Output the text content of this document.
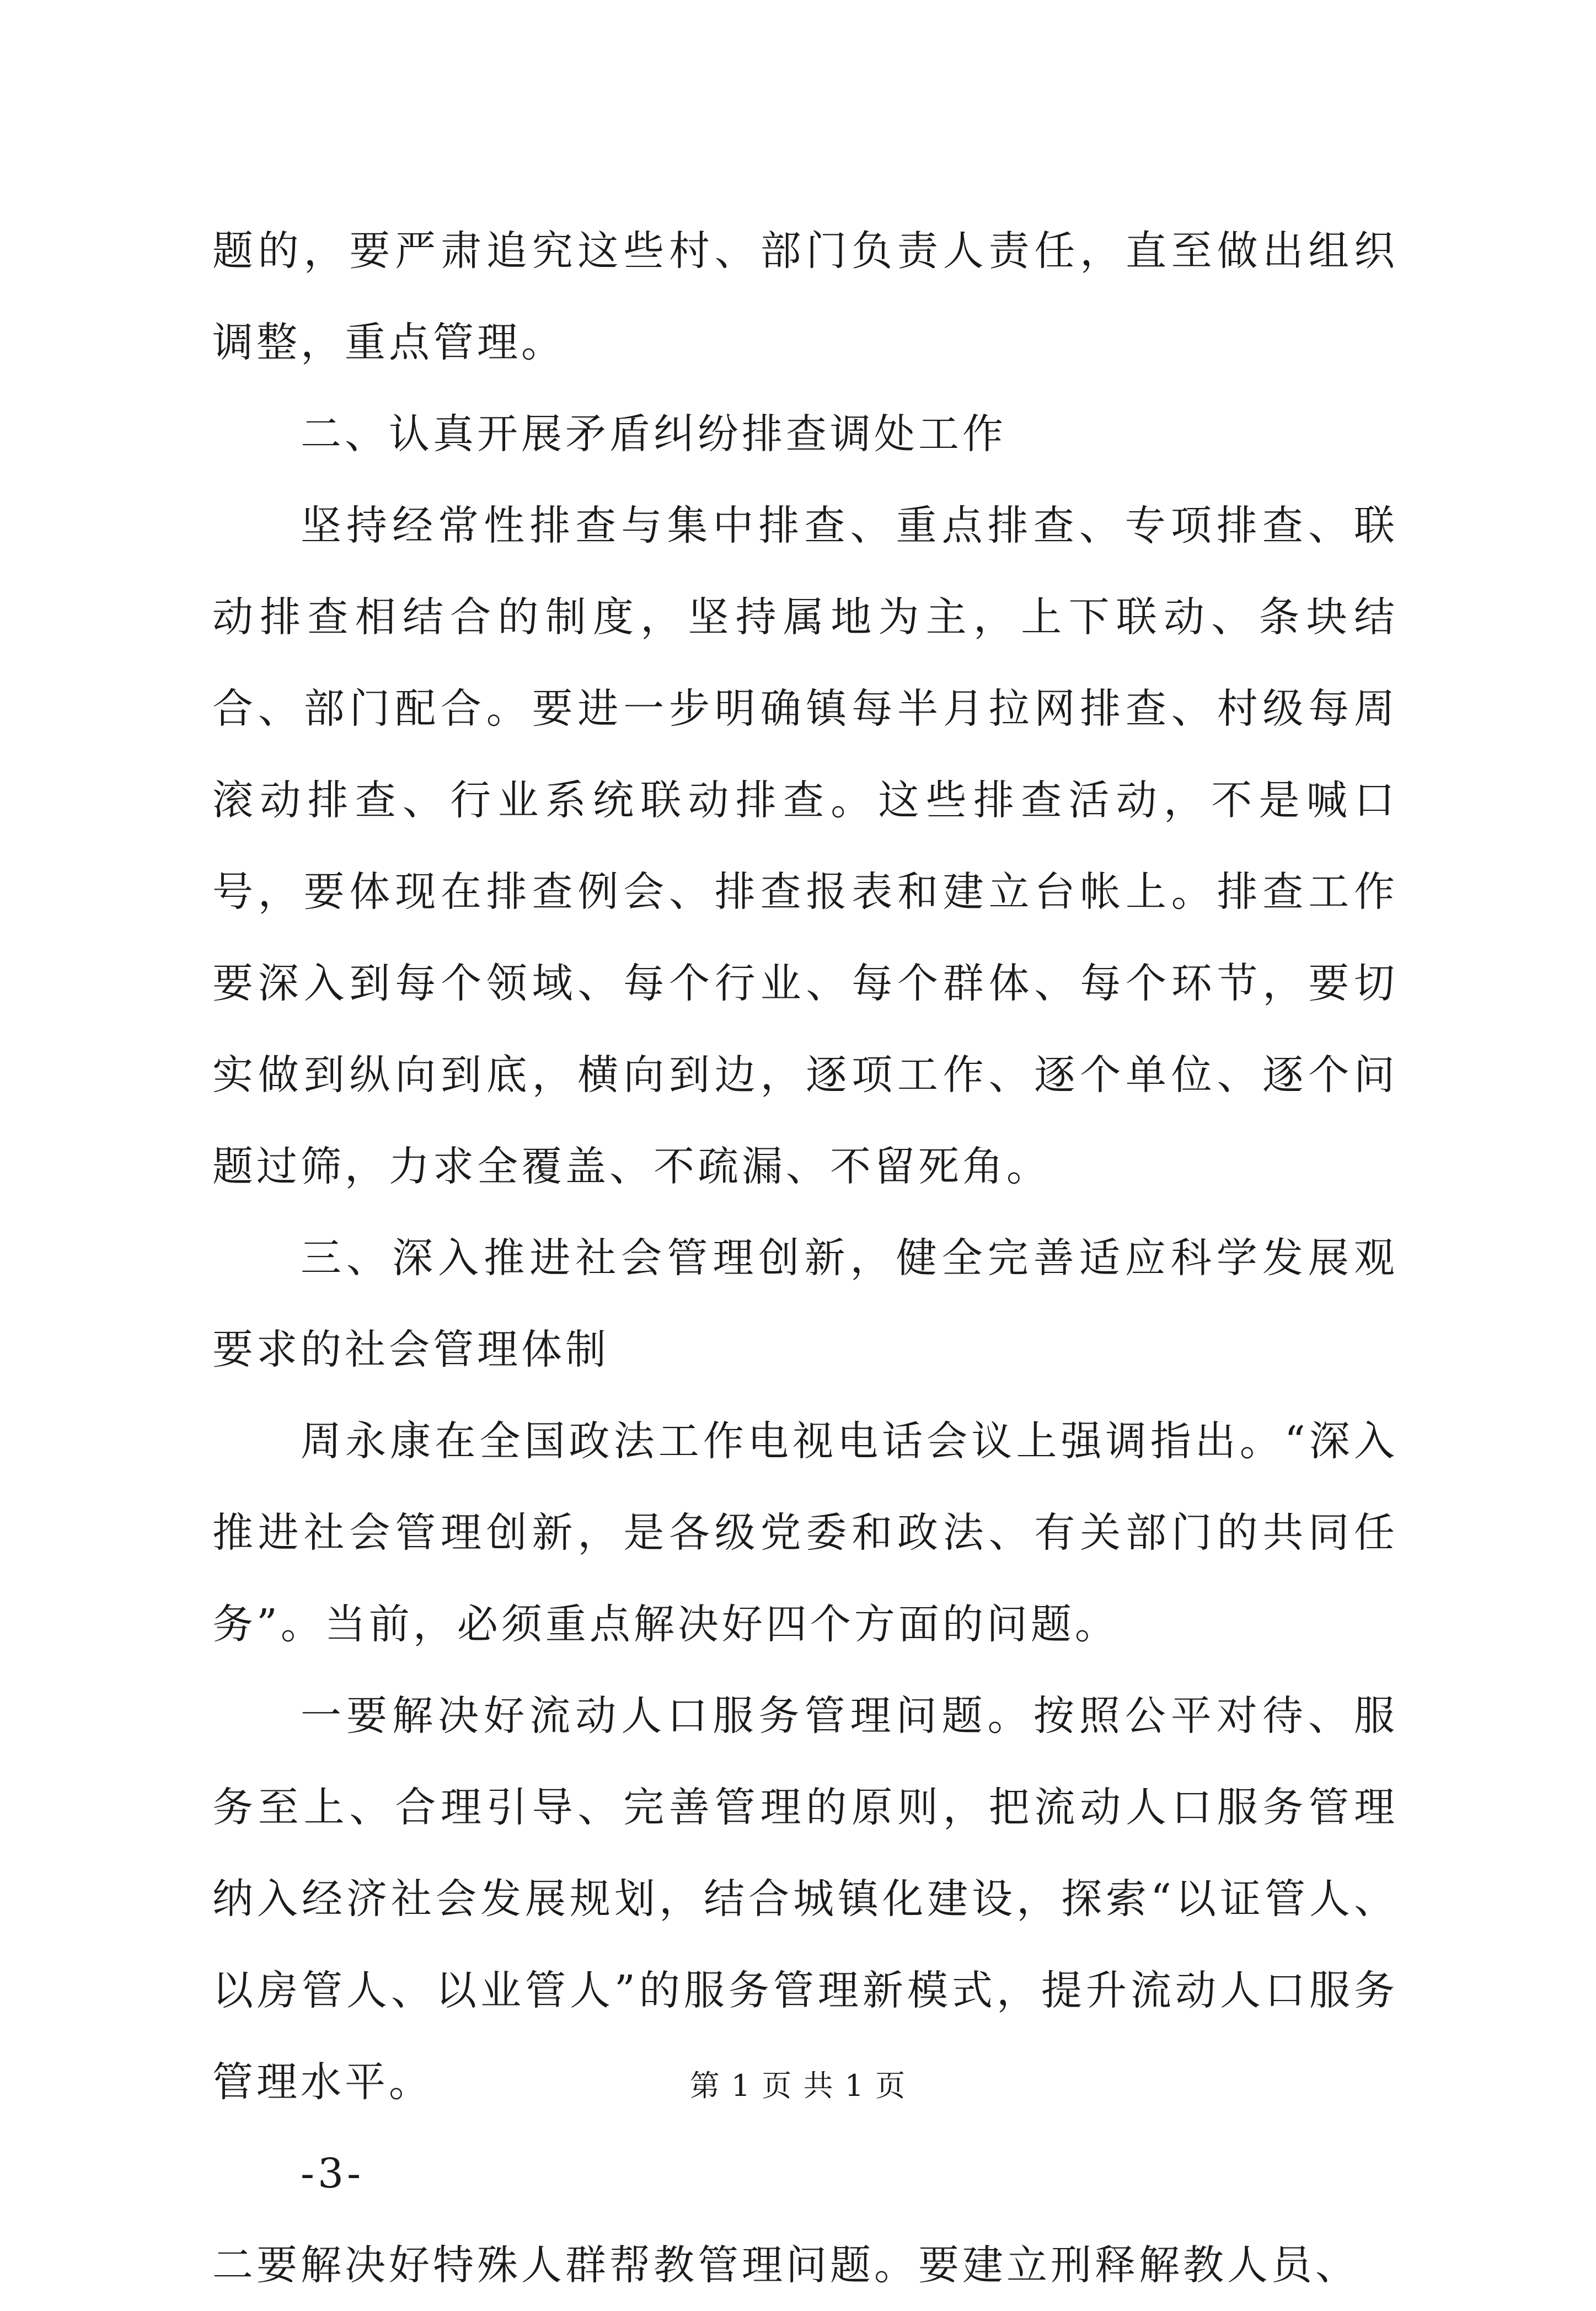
题的，要严肃追究这些村、部门负责人责任，直至做出组织调整，重点管理。

二、认真开展矛盾纠纷排查调处工作

坚持经常性排查与集中排查、重点排查、专项排查、联动排查相结合的制度，坚持属地为主，上下联动、条块结合、部门配合。要进一步明确镇每半月拉网排查、村级每周滚动排查、行业系统联动排查。这些排查活动，不是喊口号，要体现在排查例会、排查报表和建立台帐上。排查工作要深入到每个领域、每个行业、每个群体、每个环节，要切实做到纵向到底，横向到边，逐项工作、逐个单位、逐个问题过筛，力求全覆盖、不疏漏、不留死角。

三、深入推进社会管理创新，健全完善适应科学发展观要求的社会管理体制

周永康在全国政法工作电视电话会议上强调指出。“深入推进社会管理创新，是各级党委和政法、有关部门的共同任务”。当前，必须重点解决好四个方面的问题。

一要解决好流动人口服务管理问题。按照公平对待、服务至上、合理引导、完善管理的原则，把流动人口服务管理纳入经济社会发展规划，结合城镇化建设，探索“以证管人、以房管人、以业管人”的服务管理新模式，提升流动人口服务管理水平。

-3-

二要解决好特殊人群帮教管理问题。要建立刑释解教人员、

第 1 页 共 1 页
